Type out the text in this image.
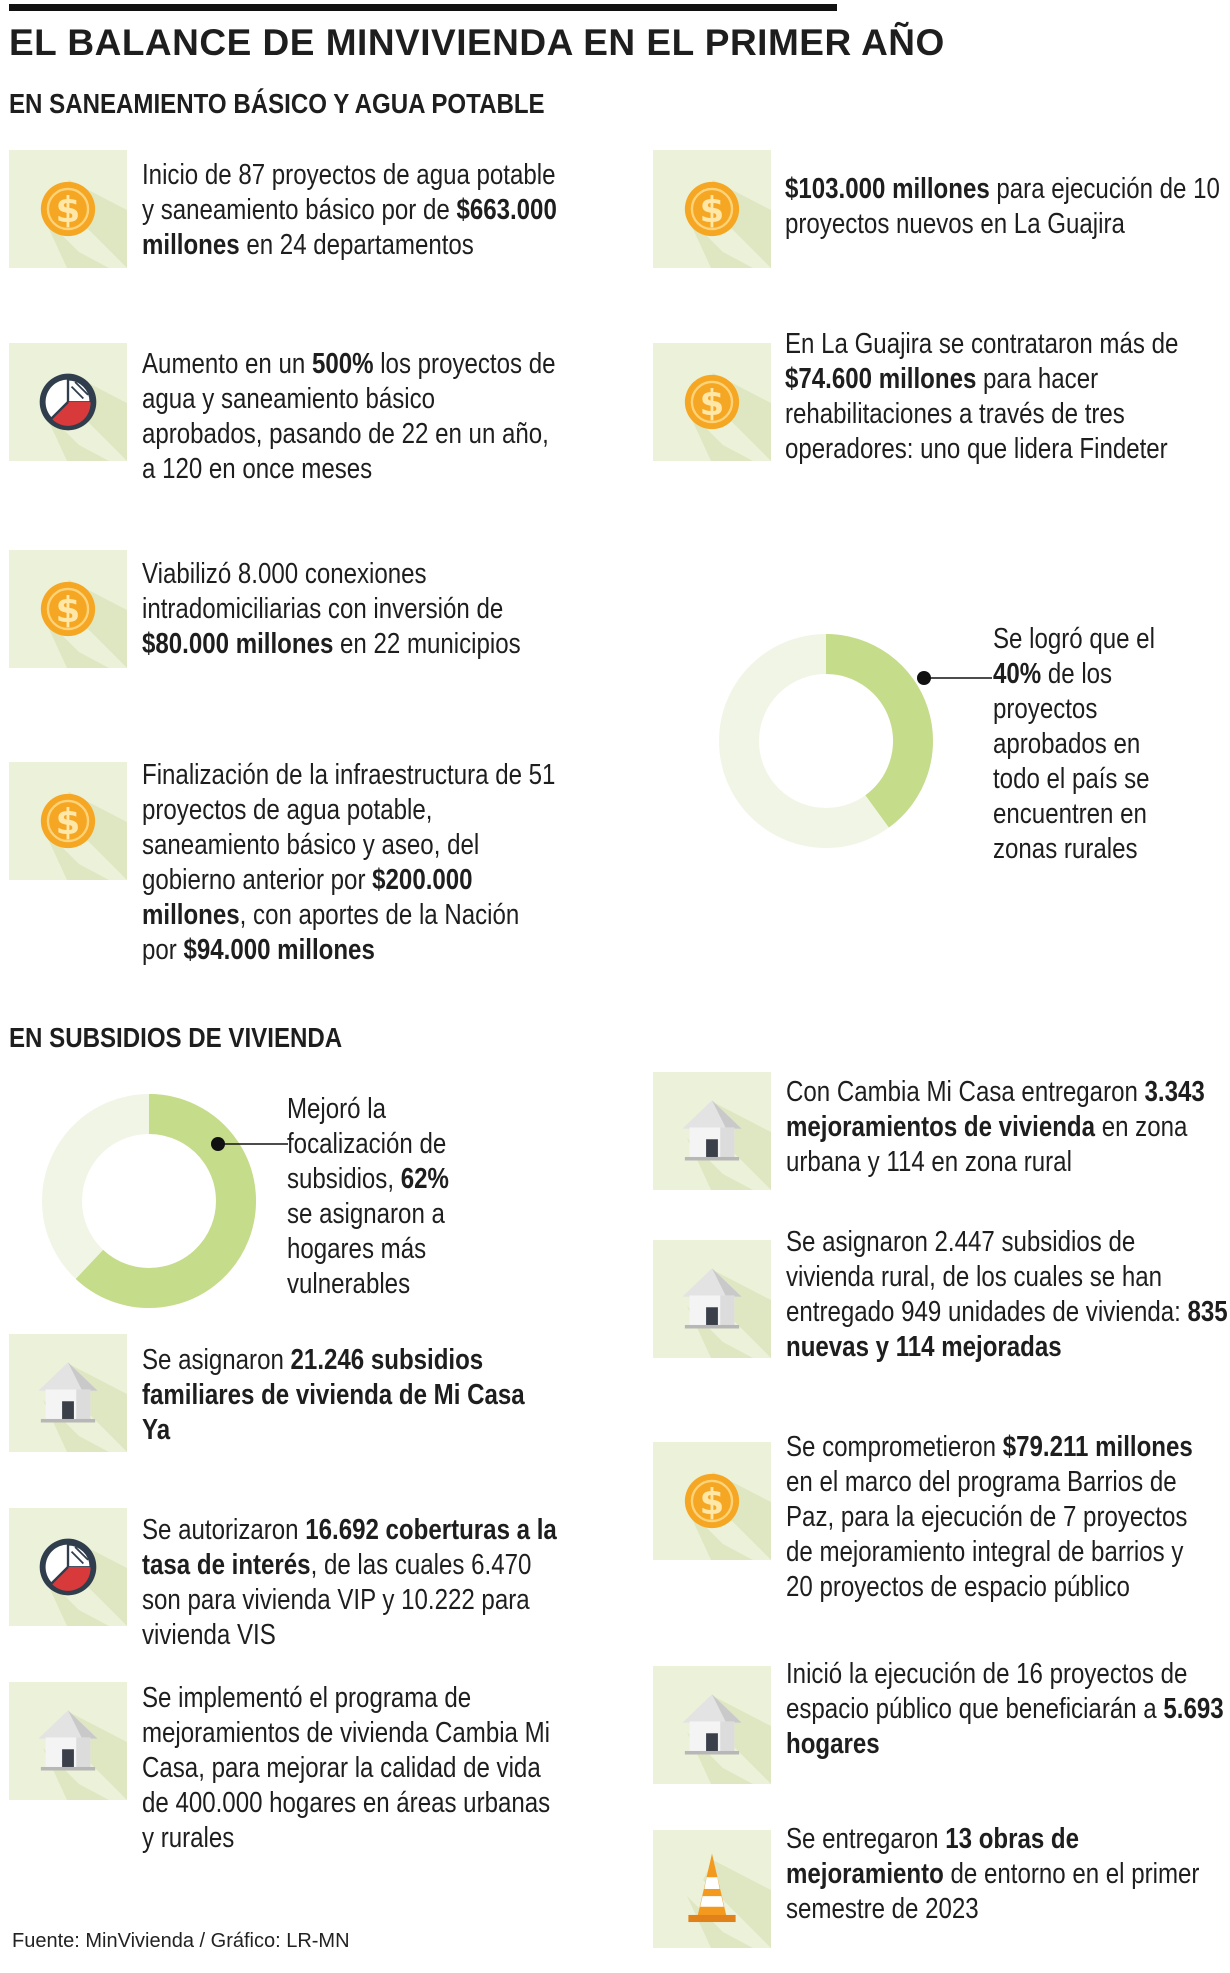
EL BALANCE DE MINVIVIENDA EN EL PRIMER AÑO
EN SANEAMIENTO BÁSICO Y AGUA POTABLE
$
Inicio de 87 proyectos de agua potable y saneamiento básico por de $663.000 millones en 24 departamentos
$
$103.000 millones para ejecución de 10 proyectos nuevos en La Guajira
Aumento en un 500% los proyectos de agua y saneamiento básico aprobados, pasando de 22 en un año, a 120 en once meses
$
En La Guajira se contrataron más de $74.600 millones para hacer rehabilitaciones a través de tres operadores: uno que lidera Findeter
$
Viabilizó 8.000 conexiones intradomiciliarias con inversión de $80.000 millones en 22 municipios
$
Finalización de la infraestructura de 51 proyectos de agua potable, saneamiento básico y aseo, del gobierno anterior por $200.000 millones, con aportes de la Nación por $94.000 millones
Se logró que el 40% de los proyectos aprobados en todo el país se encuentren en zonas rurales
EN SUBSIDIOS DE VIVIENDA
Mejoró la focalización de subsidios, 62% se asignaron a hogares más vulnerables
Se asignaron 21.246 subsidios familiares de vivienda de Mi Casa Ya
Se autorizaron 16.692 coberturas a la tasa de interés, de las cuales 6.470 son para vivienda VIP y 10.222 para vivienda VIS
Se implementó el programa de mejoramientos de vivienda Cambia Mi Casa, para mejorar la calidad de vida de 400.000 hogares en áreas urbanas y rurales
Con Cambia Mi Casa entregaron 3.343 mejoramientos de vivienda en zona urbana y 114 en zona rural
Se asignaron 2.447 subsidios de vivienda rural, de los cuales se han entregado 949 unidades de vivienda: 835 nuevas y 114 mejoradas
$
Se comprometieron $79.211 millones en el marco del programa Barrios de Paz, para la ejecución de 7 proyectos de mejoramiento integral de barrios y 20 proyectos de espacio público
Inició la ejecución de 16 proyectos de espacio público que beneficiarán a 5.693 hogares
Se entregaron 13 obras de mejoramiento de entorno en el primer semestre de 2023
Fuente: MinVivienda / Gráfico: LR-MN
